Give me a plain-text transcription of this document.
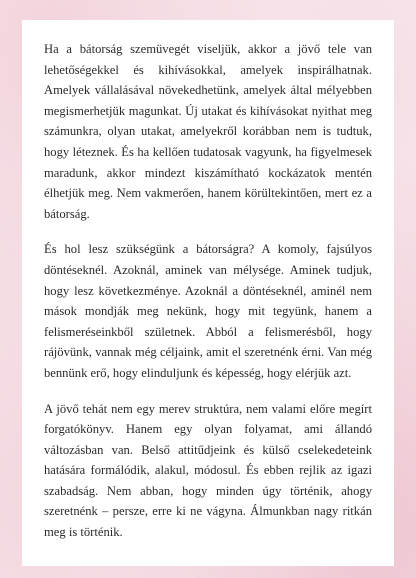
Ha a bátorság szemüvegét viseljük, akkor a jövő tele van lehetőségekkel és kihívásokkal, amelyek inspirálhatnak. Amelyek vállalásával növekedhetünk, amelyek által mélyebben megismerhetjük magunkat. Új utakat és kihívásokat nyithat meg számunkra, olyan utakat, amelyekről korábban nem is tudtuk, hogy léteznek. És ha kellően tudatosak vagyunk, ha figyelmesek maradunk, akkor mindezt kiszámítható kockázatok mentén élhetjük meg. Nem vakmerően, hanem körültekintően, mert ez a bátorság.

És hol lesz szükségünk a bátorságra? A komoly, fajsúlyos döntéseknél. Azoknál, aminek van mélysége. Aminek tudjuk, hogy lesz következménye. Azoknál a döntéseknél, aminél nem mások mondják meg nekünk, hogy mit tegyünk, hanem a felismeréseinkből születnek. Abból a felismerésből, hogy rájövünk, vannak még céljaink, amit el szeretnénk érni. Van még bennünk erő, hogy elinduljunk és képesség, hogy elérjük azt.

A jövő tehát nem egy merev struktúra, nem valami előre megírt forgatókönyv. Hanem egy olyan folyamat, ami állandó változásban van. Belső attitűdjeink és külső cselekedeteink hatására formálódik, alakul, módosul. És ebben rejlik az igazi szabadság. Nem abban, hogy minden úgy történik, ahogy szeretnénk – persze, erre ki ne vágyna. Álmunkban nagy ritkán meg is történik.
